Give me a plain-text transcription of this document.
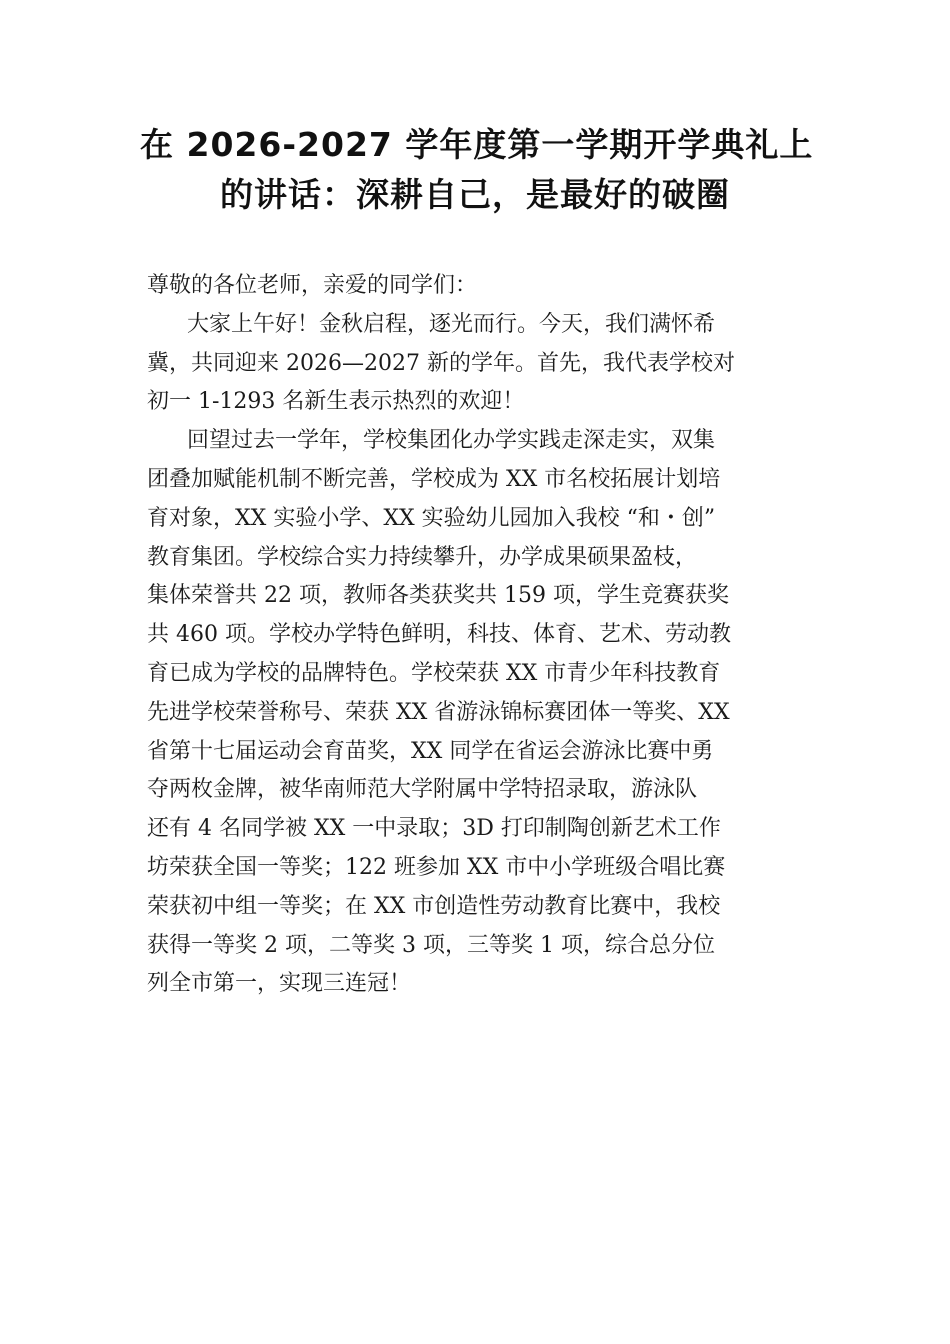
在 2026-2027 学年度第一学期开学典礼上
的讲话：深耕自己，是最好的破圈
尊敬的各位老师，亲爱的同学们：
大家上午好！金秋启程，逐光而行。今天，我们满怀希
冀，共同迎来 2026—2027 新的学年。首先，我代表学校对
初一 1-1293 名新生表示热烈的欢迎！
回望过去一学年，学校集团化办学实践走深走实，双集
团叠加赋能机制不断完善，学校成为 XX 市名校拓展计划培
育对象，XX 实验小学、XX 实验幼儿园加入我校 “和・创”
教育集团。学校综合实力持续攀升，办学成果硕果盈枝，
集体荣誉共 22 项，教师各类获奖共 159 项，学生竞赛获奖
共 460 项。学校办学特色鲜明，科技、体育、艺术、劳动教
育已成为学校的品牌特色。学校荣获 XX 市青少年科技教育
先进学校荣誉称号、荣获 XX 省游泳锦标赛团体一等奖、XX
省第十七届运动会育苗奖，XX 同学在省运会游泳比赛中勇
夺两枚金牌，被华南师范大学附属中学特招录取，游泳队
还有 4 名同学被 XX 一中录取；3D 打印制陶创新艺术工作
坊荣获全国一等奖；122 班参加 XX 市中小学班级合唱比赛
荣获初中组一等奖；在 XX 市创造性劳动教育比赛中，我校
获得一等奖 2 项，二等奖 3 项，三等奖 1 项，综合总分位
列全市第一，实现三连冠！
